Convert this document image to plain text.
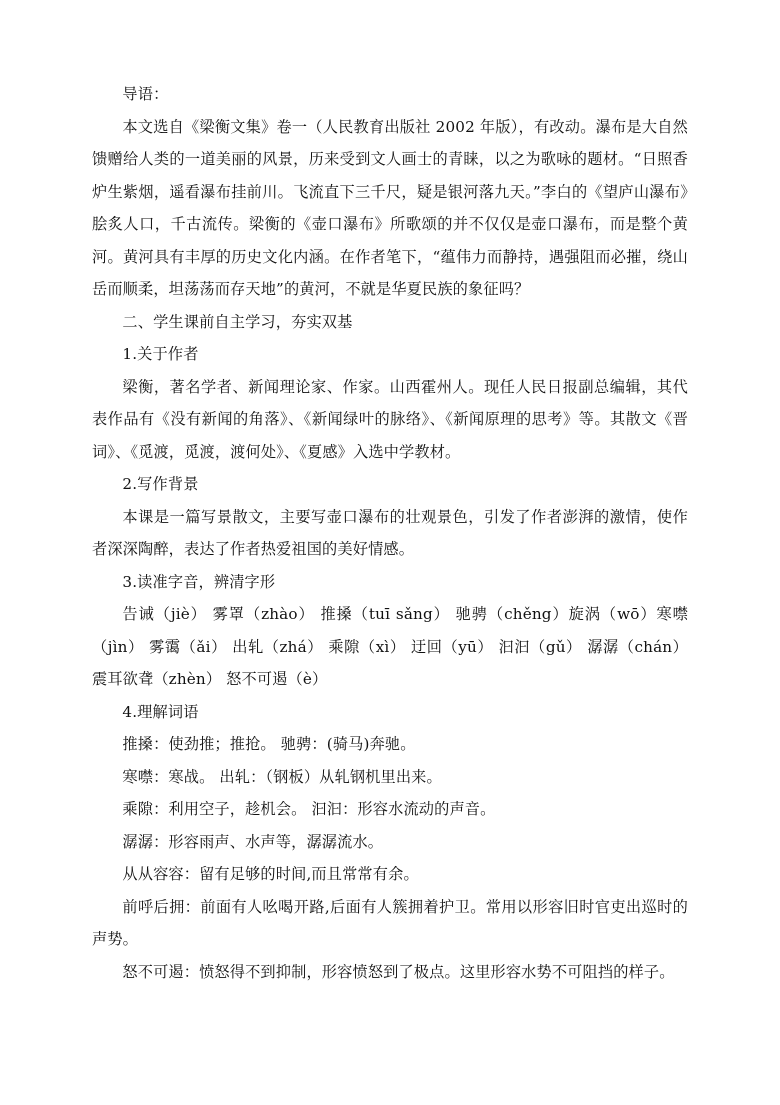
导语：

本文选自《梁衡文集》卷一（人民教育出版社 2002 年版），有改动。瀑布是大自然馈赠给人类的一道美丽的风景，历来受到文人画士的青睐，以之为歌咏的题材。“日照香炉生紫烟，遥看瀑布挂前川。飞流直下三千尺，疑是银河落九天。”李白的《望庐山瀑布》脍炙人口，千古流传。梁衡的《壶口瀑布》所歌颂的并不仅仅是壶口瀑布，而是整个黄河。黄河具有丰厚的历史文化内涵。在作者笔下，“蕴伟力而静持，遇强阻而必摧，绕山岳而顺柔，坦荡荡而存天地”的黄河，不就是华夏民族的象征吗？

二、学生课前自主学习，夯实双基

1.关于作者

梁衡，著名学者、新闻理论家、作家。山西霍州人。现任人民日报副总编辑，其代表作品有《没有新闻的角落》、《新闻绿叶的脉络》、《新闻原理的思考》等。其散文《晋词》、《觅渡，觅渡，渡何处》、《夏感》入选中学教材。

2.写作背景

本课是一篇写景散文，主要写壶口瀑布的壮观景色，引发了作者澎湃的激情，使作者深深陶醉，表达了作者热爱祖国的美好情感。

3.读准字音，辨清字形

告诫（jiè） 雾罩（zhào） 推搡（tuī sǎng） 驰骋（chěng）旋涡（wō）寒噤（jìn） 雾霭（ǎi） 出轧（zhá） 乘隙（xì） 迂回（yū） 汩汩（gǔ） 潺潺（chán） 震耳欲聋（zhèn） 怒不可遏（è）

4.理解词语

推搡：使劲推；推抢。 驰骋：(骑马)奔驰。

寒噤：寒战。 出轧：（钢板）从轧钢机里出来。

乘隙：利用空子，趁机会。 汩汩：形容水流动的声音。

潺潺：形容雨声、水声等，潺潺流水。

从从容容：留有足够的时间,而且常常有余。

前呼后拥：前面有人吆喝开路,后面有人簇拥着护卫。常用以形容旧时官吏出巡时的声势。

怒不可遏：愤怒得不到抑制，形容愤怒到了极点。这里形容水势不可阻挡的样子。
